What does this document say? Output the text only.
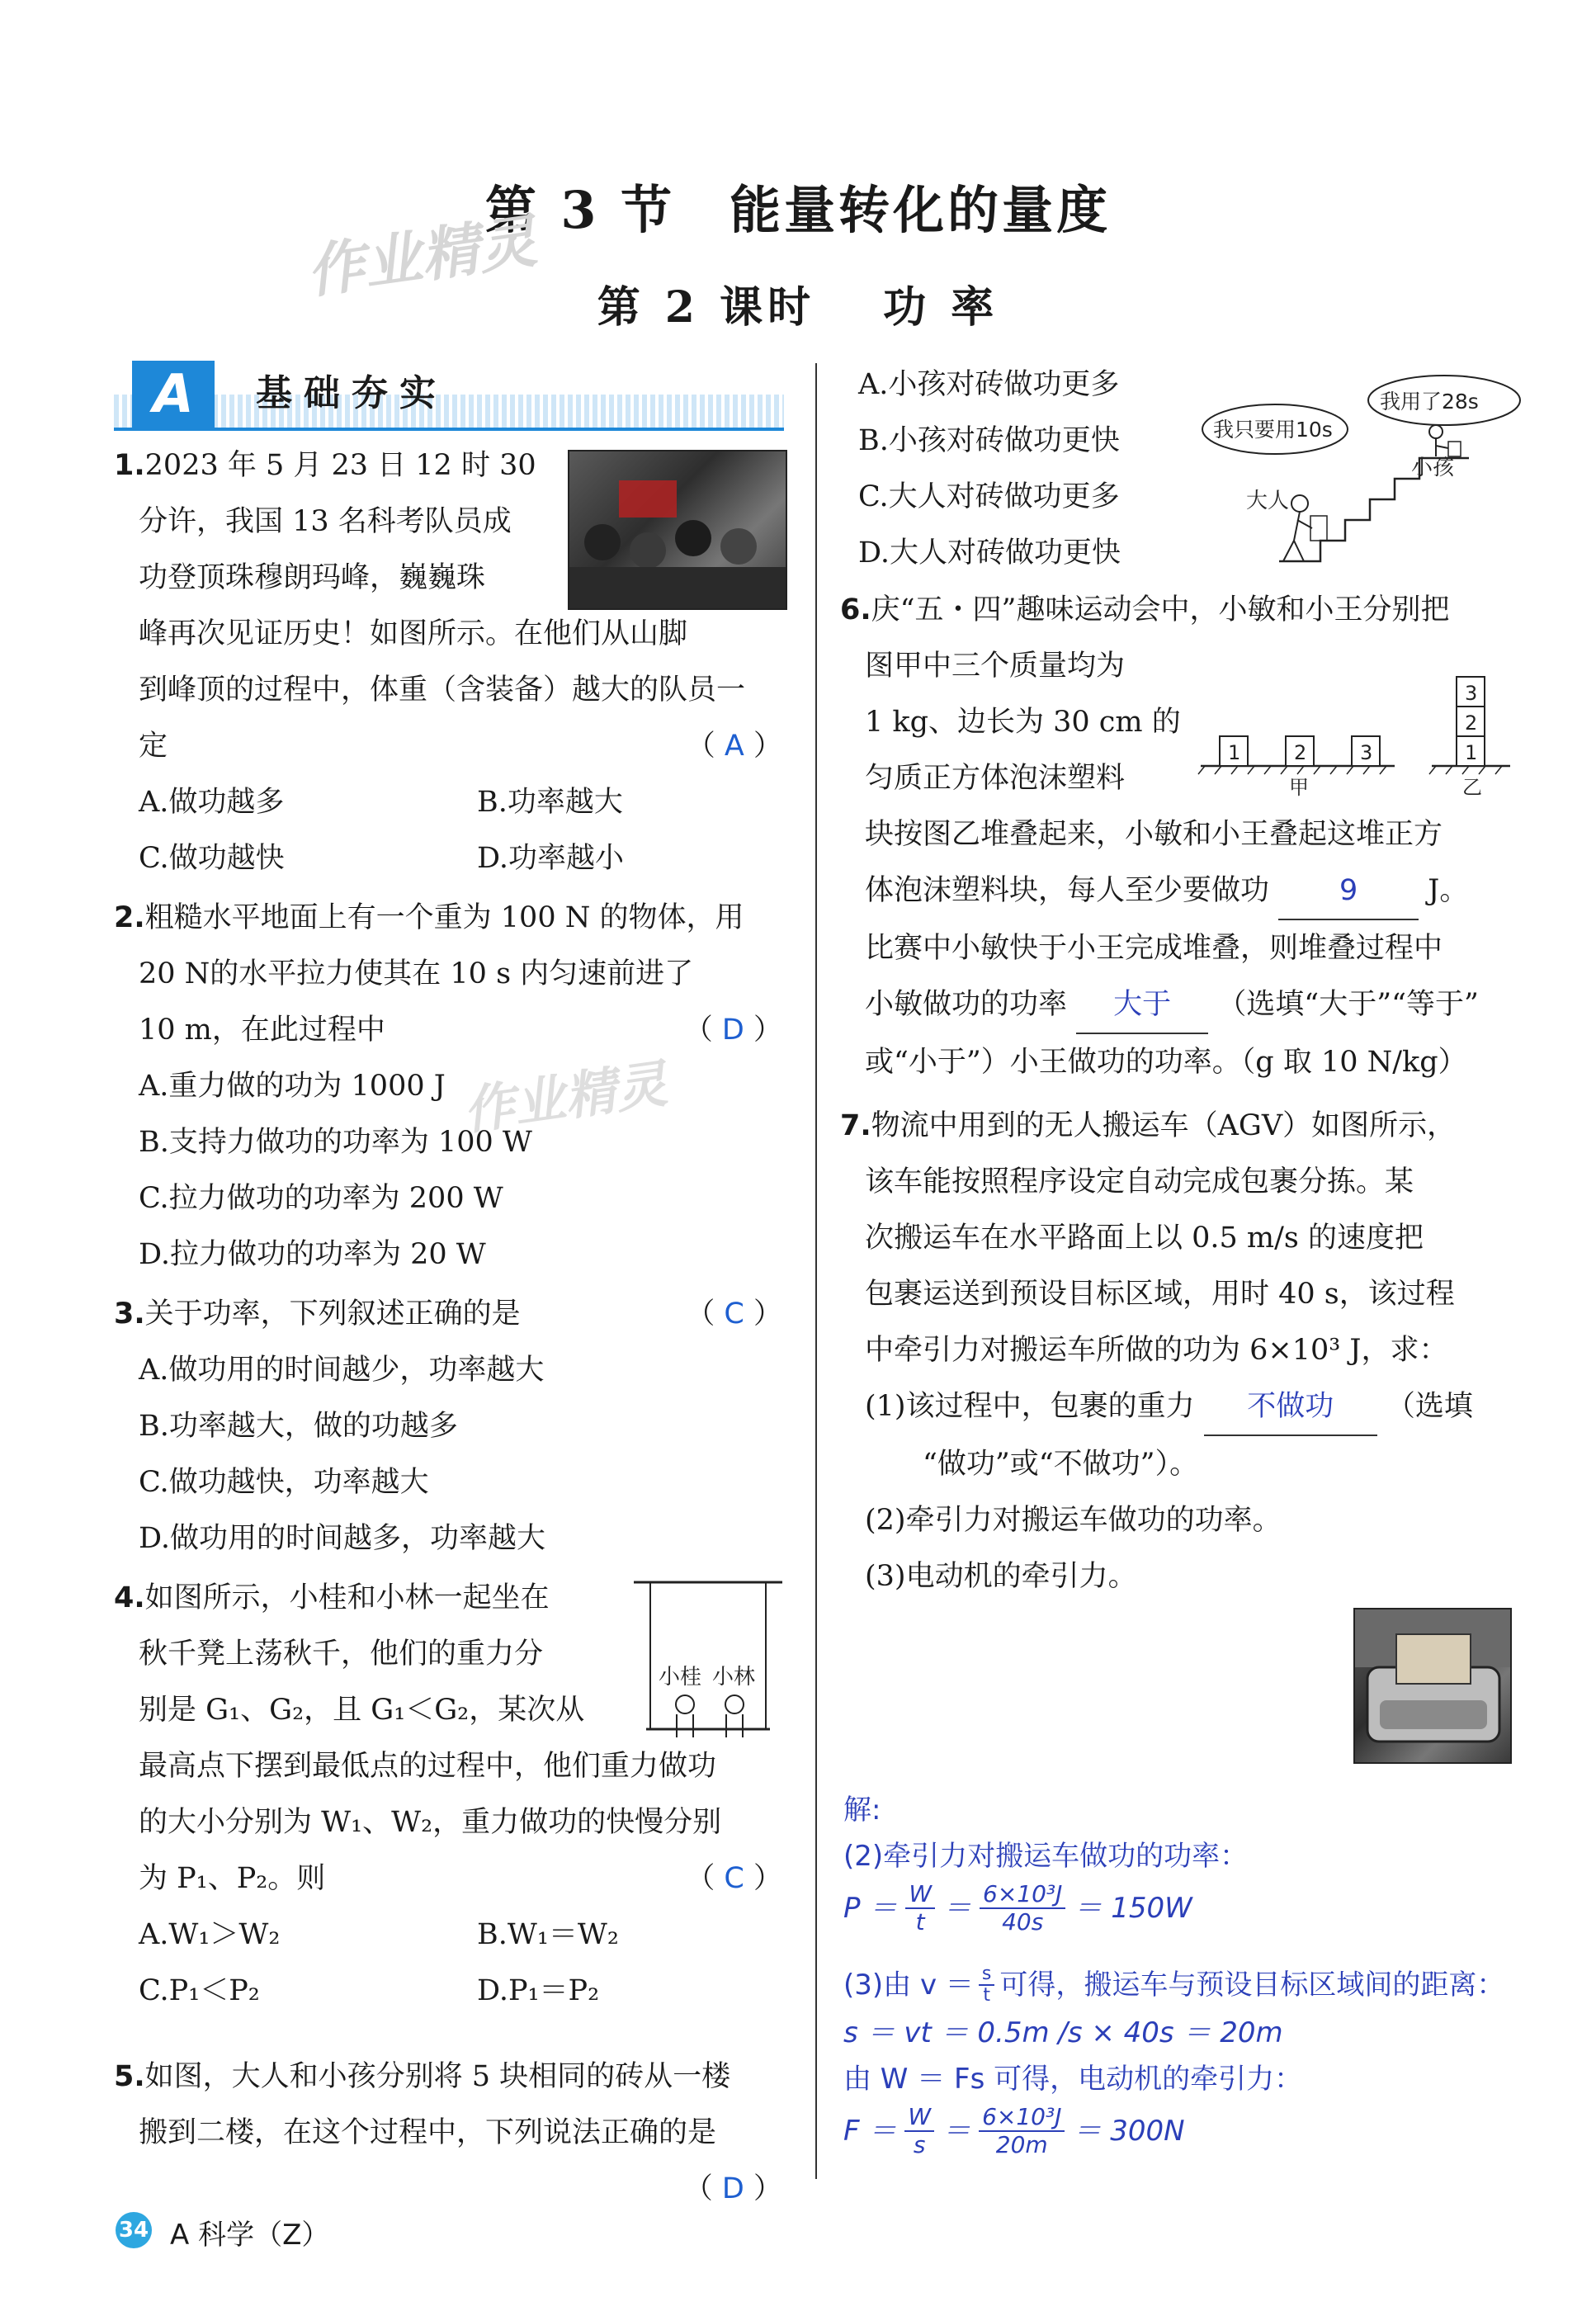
第 3 节　能量转化的量度
第 2 课时　 功 率
作业精灵
作业精灵
A	基础夯实
1.2023 年 5 月 23 日 12 时 30
分许，我国 13 名科考队员成
功登顶珠穆朗玛峰，巍巍珠
峰再次见证历史！如图所示。在他们从山脚
到峰顶的过程中，体重（含装备）越大的队员一
定	（ A ）
A.做功越多	B.功率越大
C.做功越快	D.功率越小
2.粗糙水平地面上有一个重为 100 N 的物体，用
20 N的水平拉力使其在 10 s 内匀速前进了
10 m，在此过程中	（ D ）
A.重力做的功为 1000 J
B.支持力做功的功率为 100 W
C.拉力做功的功率为 200 W
D.拉力做功的功率为 20 W
3.关于功率，下列叙述正确的是	（ C ）
A.做功用的时间越少，功率越大
B.功率越大，做的功越多
C.做功越快，功率越大
D.做功用的时间越多，功率越大
4.如图所示，小桂和小林一起坐在
秋千凳上荡秋千，他们的重力分
别是 G₁、G₂，且 G₁＜G₂，某次从
最高点下摆到最低点的过程中，他们重力做功
的大小分别为 W₁、W₂，重力做功的快慢分别
为 P₁、P₂。则	（ C ）
A.W₁＞W₂	B.W₁＝W₂
C.P₁＜P₂	D.P₁＝P₂
小桂 小林
5.如图，大人和小孩分别将 5 块相同的砖从一楼
搬到二楼，在这个过程中，下列说法正确的是
（ D ）
A.小孩对砖做功更多
B.小孩对砖做功更快
C.大人对砖做功更多
D.大人对砖做功更快
我只要用10s
我用了28s
小孩
大人
6.庆“五・四”趣味运动会中，小敏和小王分别把
图甲中三个质量均为
1 kg、边长为 30 cm 的
匀质正方体泡沫塑料
块按图乙堆叠起来，小敏和小王叠起这堆正方
体泡沫塑料块，每人至少要做功 9 J。
比赛中小敏快于小王完成堆叠，则堆叠过程中
小敏做功的功率 大于 （选填“大于”“等于”
或“小于”）小王做功的功率。（g 取 10 N/kg）
1	2	3
甲
3
2
1
乙
7.物流中用到的无人搬运车（AGV）如图所示，
该车能按照程序设定自动完成包裹分拣。某
次搬运车在水平路面上以 0.5 m/s 的速度把
包裹运送到预设目标区域，用时 40 s，该过程
中牵引力对搬运车所做的功为 6×10³ J，求：
(1)该过程中，包裹的重力 不做功 （选填
“做功”或“不做功”）。
(2)牵引力对搬运车做功的功率。
(3)电动机的牵引力。
解:
(2)牵引力对搬运车做功的功率：
$P = \frac{W}{t} = \frac{\text{6×10³J}}{40s} = 150W$
(3)由 $v = \frac{s}{t}$ 可得，搬运车与预设目标区域间的距离：
s ＝ vt ＝ 0.5m /s × 40s ＝ 20m
由 W ＝ Fs 可得，电动机的牵引力：
$F = \frac{W}{s} = \frac{\text{6×10³J}}{20m} = 300N$
34 A 科学（Z）
